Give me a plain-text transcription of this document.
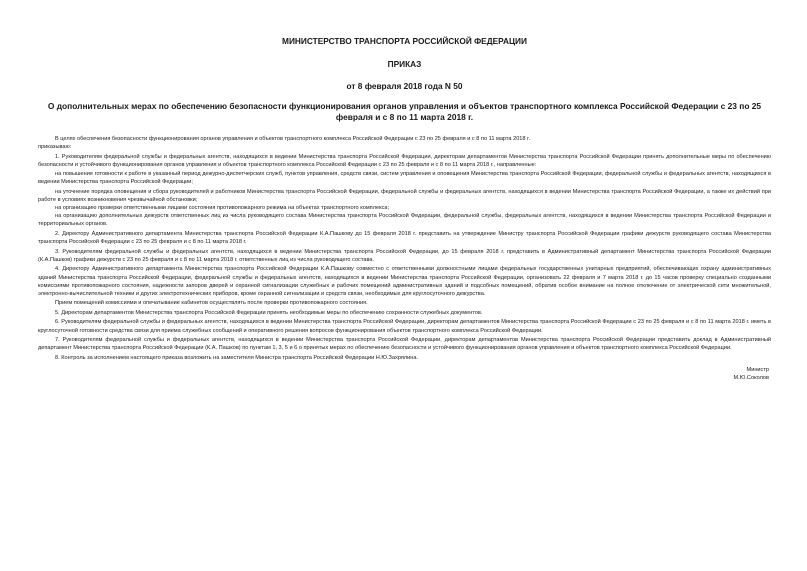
МИНИСТЕРСТВО ТРАНСПОРТА РОССИЙСКОЙ ФЕДЕРАЦИИ
ПРИКАЗ
от 8 февраля 2018 года N 50
О дополнительных мерах по обеспечению безопасности функционирования органов управления и объектов транспортного комплекса Российской Федерации с 23 по 25 февраля и с 8 по 11 марта 2018 г.

В целях обеспечения безопасности функционирования органов управления и объектов транспортного комплекса Российской Федерации с 23 по 25 февраля и с 8 по 11 марта 2018 г.

приказываю:

1. Руководителям федеральной службы и федеральных агентств, находящихся в ведении Министерства транспорта Российской Федерации, директорам департаментов Министерства транспорта Российской Федерации принять дополнительные меры по обеспечению безопасности и устойчивого функционирования органов управления и объектов транспортного комплекса Российской Федерации с 23 по 25 февраля и с 8 по 11 марта 2018 г., направленные:

на повышение готовности к работе в указанный период дежурно-диспетчерских служб, пунктов управления, средств связи, систем управления и оповещения Министерства транспорта Российской Федерации, федеральной службы и федеральных агентств, находящихся в ведении Министерства транспорта Российской Федерации;

на уточнение порядка оповещения и сбора руководителей и работников Министерства транспорта Российской Федерации, федеральной службы и федеральных агентств, находящихся в ведении Министерства транспорта Российской Федерации, а также их действий при работе в условиях возникновения чрезвычайной обстановки;

на организацию проверки ответственными лицами состояния противопожарного режима на объектах транспортного комплекса;

на организацию дополнительных дежурств ответственных лиц из числа руководящего состава Министерства транспорта Российской Федерации, федеральной службы, федеральных агентств, находящихся в ведении Министерства транспорта Российской Федерации и территориальных органов.

2. Директору Административного департамента Министерства транспорта Российской Федерации К.А.Пашкову до 15 февраля 2018 г. представить на утверждение Министру транспорта Российской Федерации графики дежурств руководящего состава Министерства транспорта Российской Федерации с 23 по 25 февраля и с 8 по 11 марта 2018 г.

3. Руководителям федеральной службы и федеральных агентств, находящихся в ведении Министерства транспорта Российской Федерации, до 15 февраля 2018 г. представить в Административный департамент Министерства транспорта Российской Федерации (К.А.Пашков) графики дежурств с 23 по 25 февраля и с 8 по 11 марта 2018 г. ответственных лиц из числа руководящего состава.

4. Директору Административного департамента Министерства транспорта Российской Федерации К.А.Пашкову совместно с ответственными должностными лицами федеральных государственных унитарных предприятий, обеспечивающих охрану административных зданий Министерства транспорта Российской Федерации, федеральной службы и федеральных агентств, находящихся в ведении Министерства транспорта Российской Федерации, организовать 22 февраля и 7 марта 2018 г. до 15 часов проверку специально созданными комиссиями противопожарного состояния, надежности запоров дверей и охранной сигнализации служебных и рабочих помещений административных зданий и подсобных помещений, обратив особое внимание на полное отключение от электрической сети множительной, электронно-вычислительной техники и других электротехнических приборов, кроме охранной сигнализации и средств связи, необходимых для круглосуточного дежурства.

Прием помещений комиссиями и опечатывание кабинетов осуществлять после проверки противопожарного состояния.

5. Директорам департаментов Министерства транспорта Российской Федерации принять необходимые меры по обеспечению сохранности служебных документов.

6. Руководителям федеральной службы и федеральных агентств, находящихся в ведении Министерства транспорта Российской Федерации, директорам департаментов Министерства транспорта Российской Федерации с 23 по 25 февраля и с 8 по 11 марта 2018 г. иметь в круглосуточной готовности средства связи для приема служебных сообщений и оперативного решения вопросов функционирования объектов транспортного комплекса Российской Федерации.

7. Руководителям федеральной службы и федеральных агентств, находящихся в ведении Министерства транспорта Российской Федерации, директорам департаментов Министерства транспорта Российской Федерации представить доклад в Административный департамент Министерства транспорта Российской Федерации (К.А. Пашков) по пунктам 1, 3, 5 и 6 о принятых мерах по обеспечению безопасности и устойчивого функционирования органов управления и объектов транспортного комплекса Российской Федерации.

8. Контроль за исполнением настоящего приказа возложить на заместителя Министра транспорта Российской Федерации Н.Ю.Захрялина.

Министр
М.Ю.Соколов
